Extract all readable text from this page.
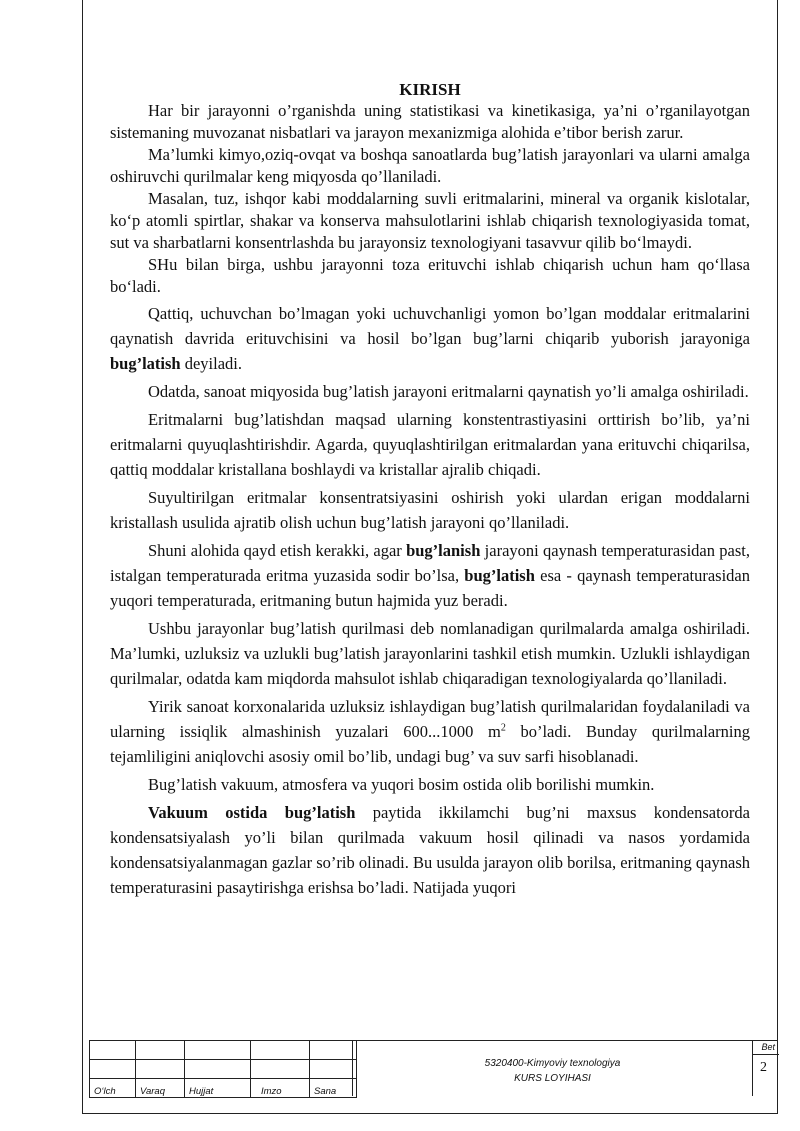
KIRISH

Har bir jarayonni o’rganishda uning statistikasi va kinetikasiga, ya’ni o’rganilayotgan sistemaning muvozanat nisbatlari va jarayon mexanizmiga alohida e’tibor berish zarur.

Ma’lumki kimyo,oziq-ovqat va boshqa sanoatlarda bug’latish jarayonlari va ularni amalga oshiruvchi qurilmalar keng miqyosda qo’llaniladi.

Masalan, tuz, ishqor kabi moddalarning suvli eritmalarini, mineral va organik kislotalar, ko‘p atomli spirtlar, shakar va konserva mahsulotlarini ishlab chiqarish texnologiyasida tomat, sut va sharbatlarni konsentrlashda bu jarayonsiz texnologiyani tasavvur qilib bo‘lmaydi.

SHu bilan birga, ushbu jarayonni toza erituvchi ishlab chiqarish uchun ham qo‘llasa bo‘ladi.

Qattiq, uchuvchan bo’lmagan yoki uchuvchanligi yomon bo’lgan moddalar eritmalarini qaynatish davrida erituvchisini va hosil bo’lgan bug’larni chiqarib yuborish jarayoniga bug’latish deyiladi.

Odatda, sanoat miqyosida bug’latish jarayoni eritmalarni qaynatish yo’li amalga oshiriladi.

Eritmalarni bug’latishdan maqsad ularning konstentrastiyasini orttirish bo’lib, ya’ni eritmalarni quyuqlashtirishdir. Agarda, quyuqlashtirilgan eritmalardan yana erituvchi chiqarilsa, qattiq moddalar kristallana boshlaydi va kristallar ajralib chiqadi.

Suyultirilgan eritmalar konsentratsiyasini oshirish yoki ulardan erigan moddalarni kristallash usulida ajratib olish uchun bug’latish jarayoni qo’llaniladi.

Shuni alohida qayd etish kerakki, agar bug’lanish jarayoni qaynash temperaturasidan past, istalgan temperaturada eritma yuzasida sodir bo’lsa, bug’latish esa - qaynash temperaturasidan yuqori temperaturada, eritmaning butun hajmida yuz beradi.

Ushbu jarayonlar bug’latish qurilmasi deb nomlanadigan qurilmalarda amalga oshiriladi. Ma’lumki, uzluksiz va uzlukli bug’latish jarayonlarini tashkil etish mumkin. Uzlukli ishlaydigan qurilmalar, odatda kam miqdorda mahsulot ishlab chiqaradigan texnologiyalarda qo’llaniladi.

Yirik sanoat korxonalarida uzluksiz ishlaydigan bug’latish qurilmalaridan foydalaniladi va ularning issiqlik almashinish yuzalari 600...1000 $m^2$ bo’ladi. Bunday qurilmalarning tejamliligini aniqlovchi asosiy omil bo’lib, undagi bug’ va suv sarfi hisoblanadi.

Bug’latish vakuum, atmosfera va yuqori bosim ostida olib borilishi mumkin.

Vakuum ostida bug’latish paytida ikkilamchi bug’ni maxsus kondensatorda kondensatsiyalash yo’li bilan qurilmada vakuum hosil qilinadi va nasos yordamida kondensatsiyalanmagan gazlar so’rib olinadi. Bu usulda jarayon olib borilsa, eritmaning qaynash temperaturasini pasaytirishga erishsa bo’ladi. Natijada yuqori

O‘lch	Varaq	Hujjat	Imzo	Sana
5320400-Kimyoviy texnologiya
KURS LOYIHASI
Bet
2
